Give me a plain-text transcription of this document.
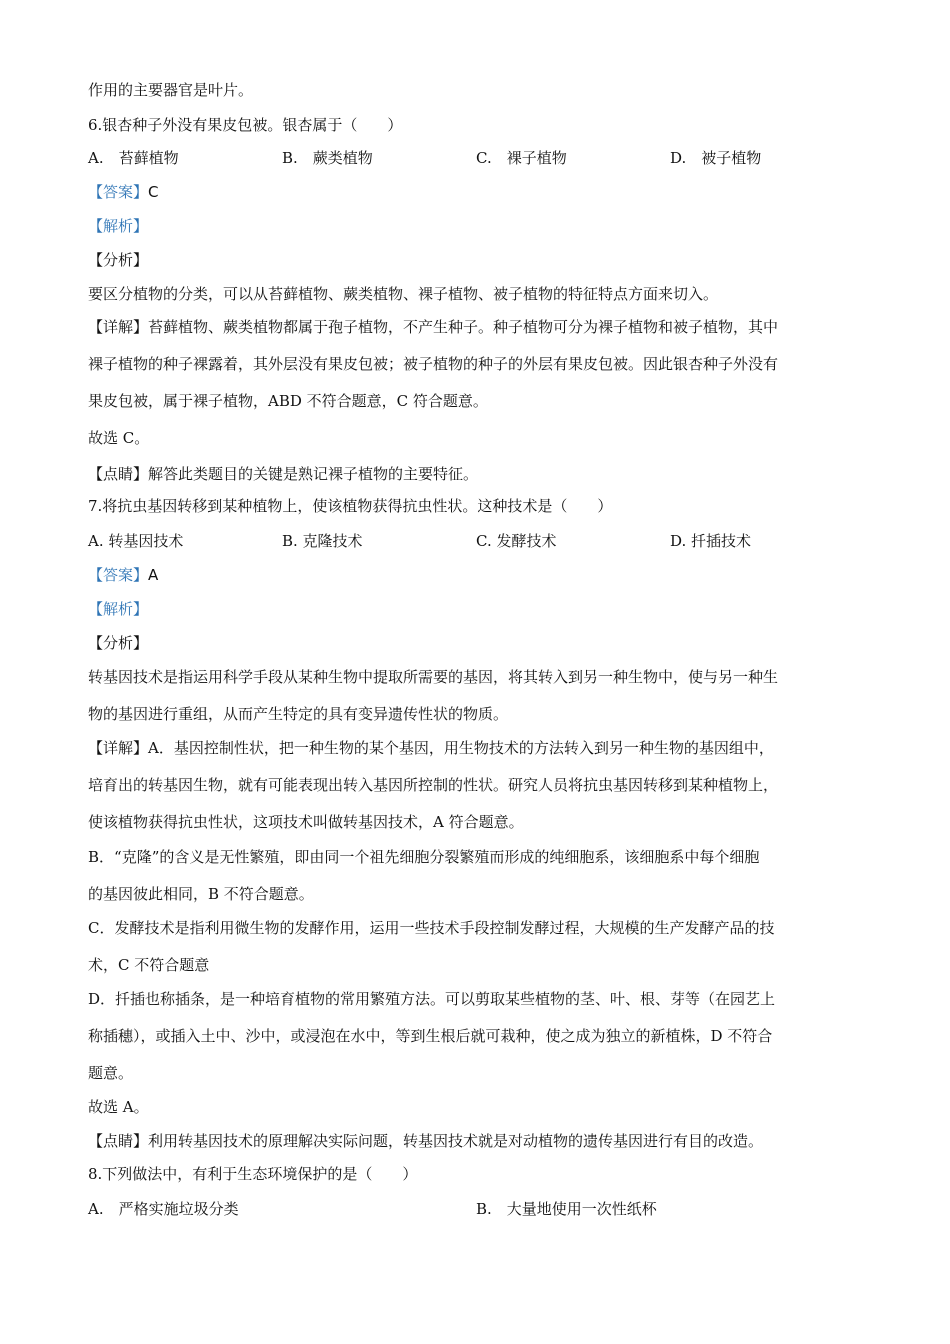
作用的主要器官是叶片。
6.银杏种子外没有果皮包被。银杏属于（　　）
A.　苔藓植物	B.　蕨类植物	C.　裸子植物	D.　被子植物
【答案】C
【解析】
【分析】
要区分植物的分类，可以从苔藓植物、蕨类植物、裸子植物、被子植物的特征特点方面来切入。
【详解】苔藓植物、蕨类植物都属于孢子植物，不产生种子。种子植物可分为裸子植物和被子植物，其中
裸子植物的种子裸露着，其外层没有果皮包被；被子植物的种子的外层有果皮包被。因此银杏种子外没有
果皮包被，属于裸子植物，ABD 不符合题意，C 符合题意。
故选 C。
【点睛】解答此类题目的关键是熟记裸子植物的主要特征。
7.将抗虫基因转移到某种植物上，使该植物获得抗虫性状。这种技术是（　　）
A. 转基因技术	B. 克隆技术	C. 发酵技术	D. 扦插技术
【答案】A
【解析】
【分析】
转基因技术是指运用科学手段从某种生物中提取所需要的基因，将其转入到另一种生物中，使与另一种生
物的基因进行重组，从而产生特定的具有变异遗传性状的物质。
【详解】A．基因控制性状，把一种生物的某个基因，用生物技术的方法转入到另一种生物的基因组中，
培育出的转基因生物，就有可能表现出转入基因所控制的性状。研究人员将抗虫基因转移到某种植物上，
使该植物获得抗虫性状，这项技术叫做转基因技术，A 符合题意。
B．“克隆”的含义是无性繁殖，即由同一个祖先细胞分裂繁殖而形成的纯细胞系，该细胞系中每个细胞
的基因彼此相同，B 不符合题意。
C．发酵技术是指利用微生物的发酵作用，运用一些技术手段控制发酵过程，大规模的生产发酵产品的技
术，C 不符合题意
D．扦插也称插条，是一种培育植物的常用繁殖方法。可以剪取某些植物的茎、叶、根、芽等（在园艺上
称插穗），或插入土中、沙中，或浸泡在水中，等到生根后就可栽种，使之成为独立的新植株，D 不符合
题意。
故选 A。
【点睛】利用转基因技术的原理解决实际问题，转基因技术就是对动植物的遗传基因进行有目的改造。
8.下列做法中，有利于生态环境保护的是（　　）
A.　严格实施垃圾分类	B.　大量地使用一次性纸杯
